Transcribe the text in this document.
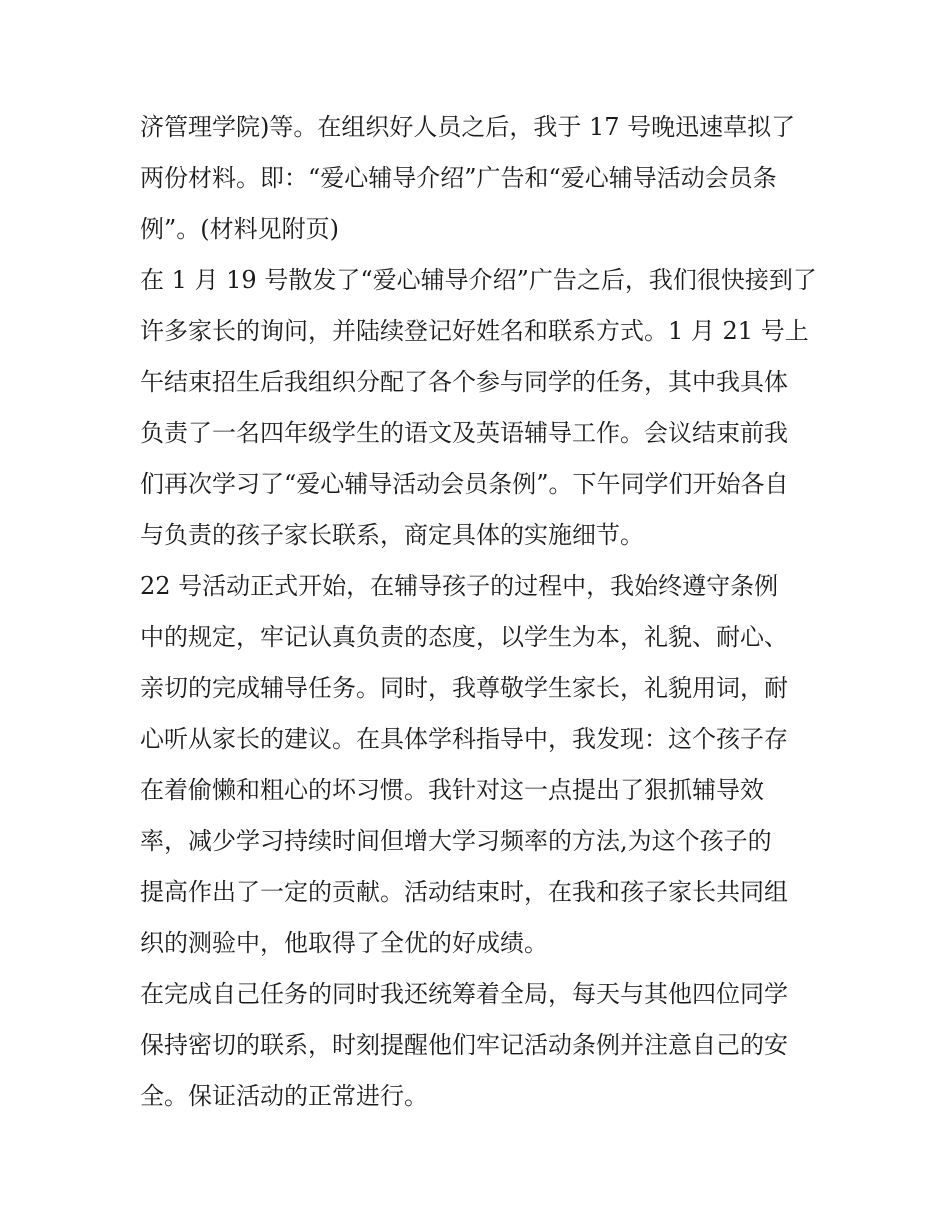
济管理学院)等。在组织好人员之后，我于 17 号晚迅速草拟了
两份材料。即：“爱心辅导介绍”广告和“爱心辅导活动会员条
例”。(材料见附页)
在 1 月 19 号散发了“爱心辅导介绍”广告之后，我们很快接到了
许多家长的询问，并陆续登记好姓名和联系方式。1 月 21 号上
午结束招生后我组织分配了各个参与同学的任务，其中我具体
负责了一名四年级学生的语文及英语辅导工作。会议结束前我
们再次学习了“爱心辅导活动会员条例”。下午同学们开始各自
与负责的孩子家长联系，商定具体的实施细节。
22 号活动正式开始，在辅导孩子的过程中，我始终遵守条例
中的规定，牢记认真负责的态度，以学生为本，礼貌、耐心、
亲切的完成辅导任务。同时，我尊敬学生家长，礼貌用词，耐
心听从家长的建议。在具体学科指导中，我发现：这个孩子存
在着偷懒和粗心的坏习惯。我针对这一点提出了狠抓辅导效
率，减少学习持续时间但增大学习频率的方法,为这个孩子的
提高作出了一定的贡献。活动结束时，在我和孩子家长共同组
织的测验中，他取得了全优的好成绩。
在完成自己任务的同时我还统筹着全局，每天与其他四位同学
保持密切的联系，时刻提醒他们牢记活动条例并注意自己的安
全。保证活动的正常进行。
